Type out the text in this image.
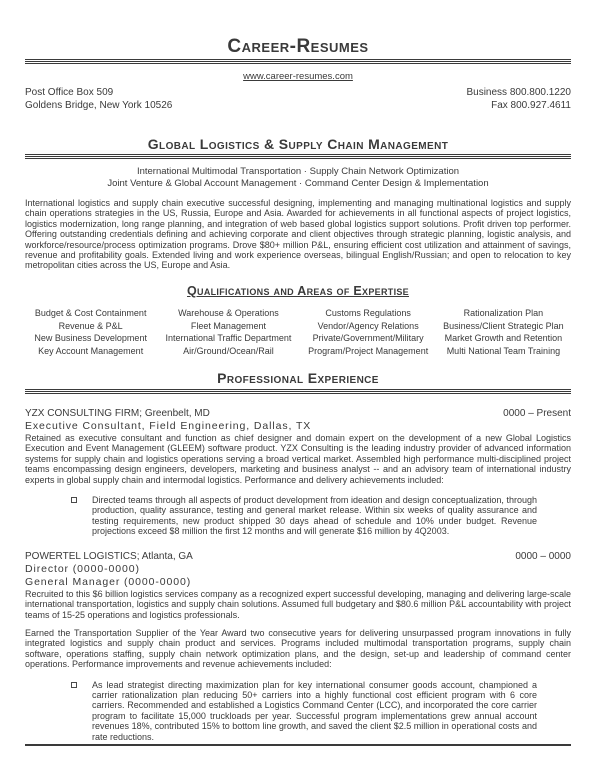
Career-Resumes
www.career-resumes.com
Post Office Box 509
Goldens Bridge, New York 10526
Business 800.800.1220
Fax 800.927.4611
Global Logistics & Supply Chain Management
International Multimodal Transportation · Supply Chain Network Optimization
Joint Venture & Global Account Management · Command Center Design & Implementation
International logistics and supply chain executive successful designing, implementing and managing multinational logistics and supply chain operations strategies in the US, Russia, Europe and Asia. Awarded for achievements in all functional aspects of project logistics, logistics modernization, long range planning, and integration of web based global logistics support solutions. Profit driven top performer. Offering outstanding credentials defining and achieving corporate and client objectives through strategic planning, logistic analysis, and workforce/resource/process optimization programs. Drove $80+ million P&L, ensuring efficient cost utilization and attainment of savings, revenue and profitability goals. Extended living and work experience overseas, bilingual English/Russian; and open to relocation to key metropolitan cities across the US, Europe and Asia.
Qualifications and Areas of Expertise
Budget & Cost Containment
Revenue & P&L
New Business Development
Key Account Management
Warehouse & Operations
Fleet Management
International Traffic Department
Air/Ground/Ocean/Rail
Customs Regulations
Vendor/Agency Relations
Private/Government/Military
Program/Project Management
Rationalization Plan
Business/Client Strategic Plan
Market Growth and Retention
Multi National Team Training
Professional Experience
YZX CONSULTING FIRM; Greenbelt, MD	0000 – Present
Executive Consultant, Field Engineering, Dallas, TX
Retained as executive consultant and function as chief designer and domain expert on the development of a new Global Logistics Execution and Event Management (GLEEM) software product. YZX Consulting is the leading industry provider of advanced information systems for supply chain and logistics operations serving a broad vertical market. Assembled high performance multi-disciplined project teams encompassing design engineers, developers, marketing and business analyst -- and an advisory team of international industry experts in global supply chain and intermodal logistics. Performance and delivery achievements included:
Directed teams through all aspects of product development from ideation and design conceptualization, through production, quality assurance, testing and general market release. Within six weeks of quality assurance and testing requirements, new product shipped 30 days ahead of schedule and 10% under budget. Revenue projections exceed $8 million the first 12 months and will generate $16 million by 4Q2003.
POWERTEL LOGISTICS; Atlanta, GA	0000 – 0000
Director (0000-0000)
General Manager (0000-0000)
Recruited to this $6 billion logistics services company as a recognized expert successful developing, managing and delivering large-scale international transportation, logistics and supply chain solutions. Assumed full budgetary and $80.6 million P&L accountability with project teams of 15-25 operations and logistics professionals.
Earned the Transportation Supplier of the Year Award two consecutive years for delivering unsurpassed program innovations in fully integrated logistics and supply chain product and services. Programs included multimodal transportation programs, supply chain software, operations staffing, supply chain network optimization plans, and the design, set-up and leadership of command center operations. Performance improvements and revenue achievements included:
As lead strategist directing maximization plan for key international consumer goods account, championed a carrier rationalization plan reducing 50+ carriers into a highly functional cost efficient program with 6 core carriers. Recommended and established a Logistics Command Center (LCC), and incorporated the core carrier program to facilitate 15,000 truckloads per year. Successful program implementations grew annual account revenues 18%, contributed 15% to bottom line growth, and saved the client $2.5 million in operational costs and rate reductions.
